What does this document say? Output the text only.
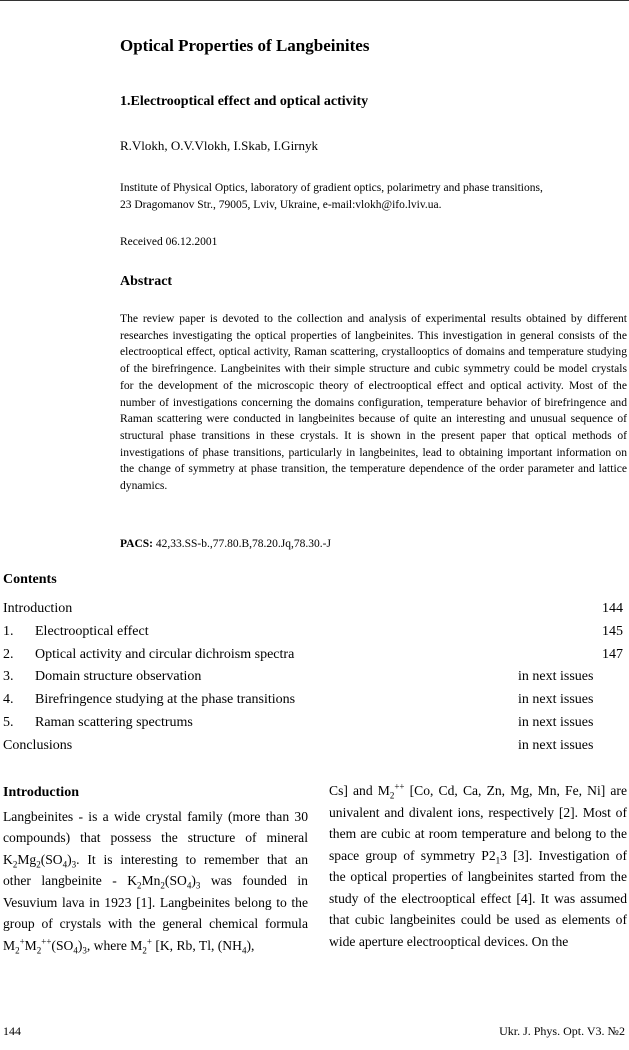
Optical Properties of Langbeinites
1.Electrooptical effect and optical activity
R.Vlokh, O.V.Vlokh, I.Skab, I.Girnyk
Institute of Physical Optics, laboratory of gradient optics, polarimetry and phase transitions,
23 Dragomanov Str., 79005, Lviv, Ukraine, e-mail:vlokh@ifo.lviv.ua.
Received 06.12.2001
Abstract
The review paper is devoted to the collection and analysis of experimental results obtained by different researches investigating the optical properties of langbeinites. This investigation in general consists of the electrooptical effect, optical activity, Raman scattering, crystallooptics of domains and temperature studying of the birefringence. Langbeinites with their simple structure and cubic symmetry could be model crystals for the development of the microscopic theory of electrooptical effect and optical activity. Most of the number of investigations concerning the domains configuration, temperature behavior of birefringence and Raman scattering were conducted in langbeinites because of quite an interesting and unusual sequence of structural phase transitions in these crystals. It is shown in the present paper that optical methods of investigations of phase transitions, particularly in langbeinites, lead to obtaining important information on the change of symmetry at phase transition, the temperature dependence of the order parameter and lattice dynamics.
PACS: 42,33.SS-b.,77.80.B,78.20.Jq,78.30.-J
Contents
Introduction	144
1. Electrooptical effect	145
2. Optical activity and circular dichroism spectra	147
3. Domain structure observation	in next issues
4. Birefringence studying at the phase transitions	in next issues
5. Raman scattering spectrums	in next issues
Conclusions	in next issues
Introduction
Langbeinites - is a wide crystal family (more than 30 compounds) that possess the structure of mineral $K_2Mg_2(SO_4)_3$. It is interesting to remember that an other langbeinite - $K_2Mn_2(SO_4)_3$ was founded in Vesuvium lava in 1923 [1]. Langbeinites belong to the group of crystals with the general chemical formula $M_2^+M_2^{++}(SO_4)_3$, where $M_2^+$ [K, Rb, Tl, $(NH_4)$,
Cs] and $M_2^{++}$ [Co, Cd, Ca, Zn, Mg, Mn, Fe, Ni] are univalent and divalent ions, respectively [2]. Most of them are cubic at room temperature and belong to the space group of symmetry $P2_13$ [3]. Investigation of the optical properties of langbeinites started from the study of the electrooptical effect [4]. It was assumed that cubic langbeinites could be used as elements of wide aperture electrooptical devices. On the
144	Ukr. J. Phys. Opt. V3. №2
